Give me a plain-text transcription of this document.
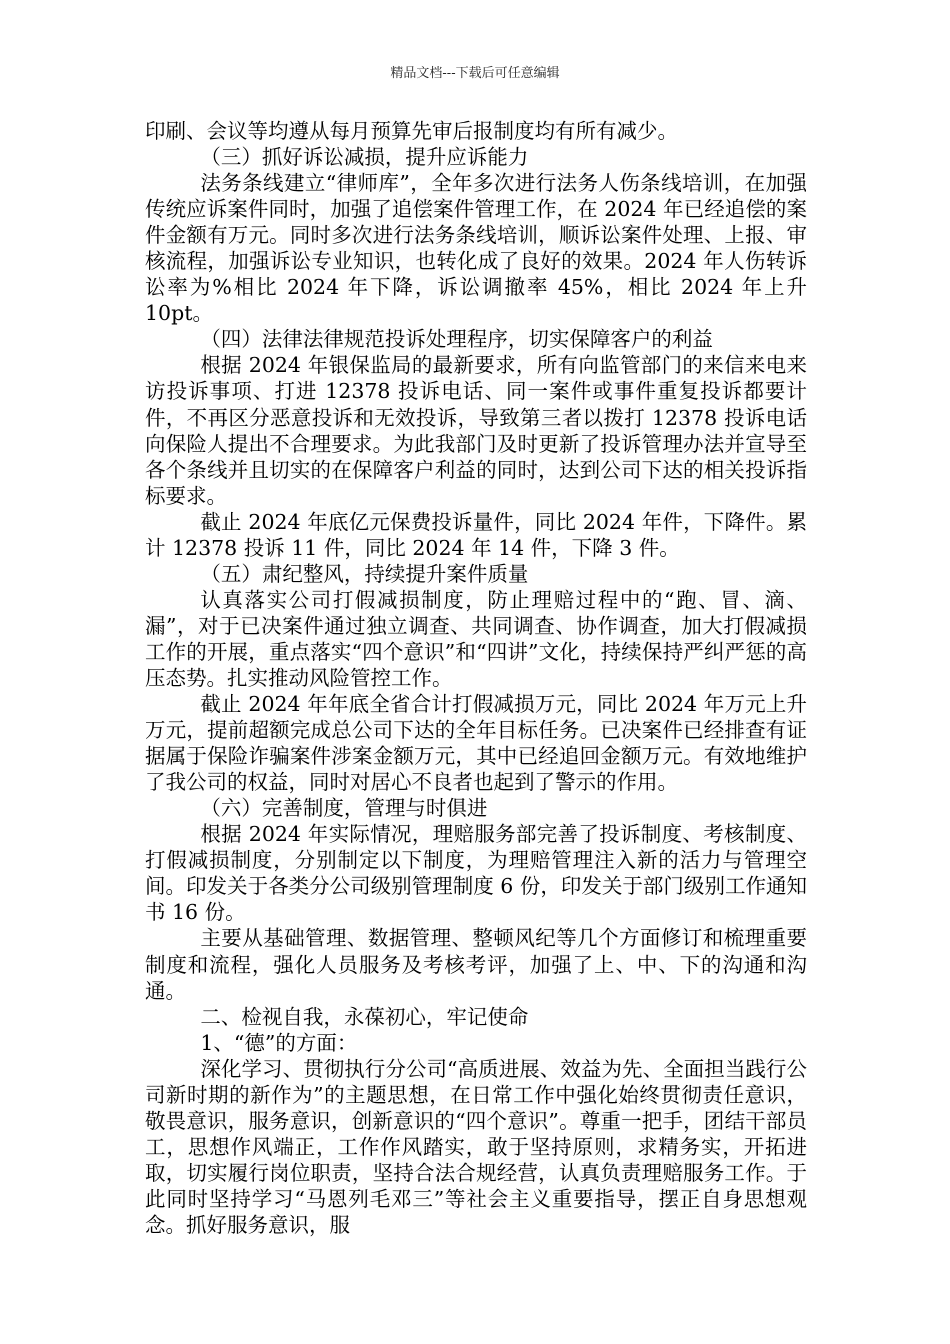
精品文档---下载后可任意编辑

印刷、会议等均遵从每月预算先审后报制度均有所有减少。

（三）抓好诉讼减损，提升应诉能力

法务条线建立“律师库”，全年多次进行法务人伤条线培训，在加强传统应诉案件同时，加强了追偿案件管理工作，在 2024 年已经追偿的案件金额有万元。同时多次进行法务条线培训，顺诉讼案件处理、上报、审核流程，加强诉讼专业知识，也转化成了良好的效果。2024 年人伤转诉讼率为%相比 2024 年下降，诉讼调撤率 45%，相比 2024 年上升 10pt。

（四）法律法律规范投诉处理程序，切实保障客户的利益

根据 2024 年银保监局的最新要求，所有向监管部门的来信来电来访投诉事项、打进 12378 投诉电话、同一案件或事件重复投诉都要计件，不再区分恶意投诉和无效投诉，导致第三者以拨打 12378 投诉电话向保险人提出不合理要求。为此我部门及时更新了投诉管理办法并宣导至各个条线并且切实的在保障客户利益的同时，达到公司下达的相关投诉指标要求。

截止 2024 年底亿元保费投诉量件，同比 2024 年件，下降件。累计 12378 投诉 11 件，同比 2024 年 14 件，下降 3 件。

（五）肃纪整风，持续提升案件质量

认真落实公司打假减损制度，防止理赔过程中的“跑、冒、滴、漏”，对于已决案件通过独立调查、共同调查、协作调查，加大打假减损工作的开展，重点落实“四个意识”和“四讲”文化，持续保持严纠严惩的高压态势。扎实推动风险管控工作。

截止 2024 年年底全省合计打假减损万元，同比 2024 年万元上升万元，提前超额完成总公司下达的全年目标任务。已决案件已经排查有证据属于保险诈骗案件涉案金额万元，其中已经追回金额万元。有效地维护了我公司的权益，同时对居心不良者也起到了警示的作用。

（六）完善制度，管理与时俱进

根据 2024 年实际情况，理赔服务部完善了投诉制度、考核制度、打假减损制度，分别制定以下制度，为理赔管理注入新的活力与管理空间。印发关于各类分公司级别管理制度 6 份，印发关于部门级别工作通知书 16 份。

主要从基础管理、数据管理、整顿风纪等几个方面修订和梳理重要制度和流程，强化人员服务及考核考评，加强了上、中、下的沟通和沟通。

二、检视自我，永葆初心，牢记使命

1、“德”的方面：

深化学习、贯彻执行分公司“高质进展、效益为先、全面担当践行公司新时期的新作为”的主题思想，在日常工作中强化始终贯彻责任意识，敬畏意识，服务意识，创新意识的“四个意识”。尊重一把手，团结干部员工，思想作风端正，工作作风踏实，敢于坚持原则，求精务实，开拓进取，切实履行岗位职责，坚持合法合规经营，认真负责理赔服务工作。于此同时坚持学习“马恩列毛邓三”等社会主义重要指导，摆正自身思想观念。抓好服务意识，服
